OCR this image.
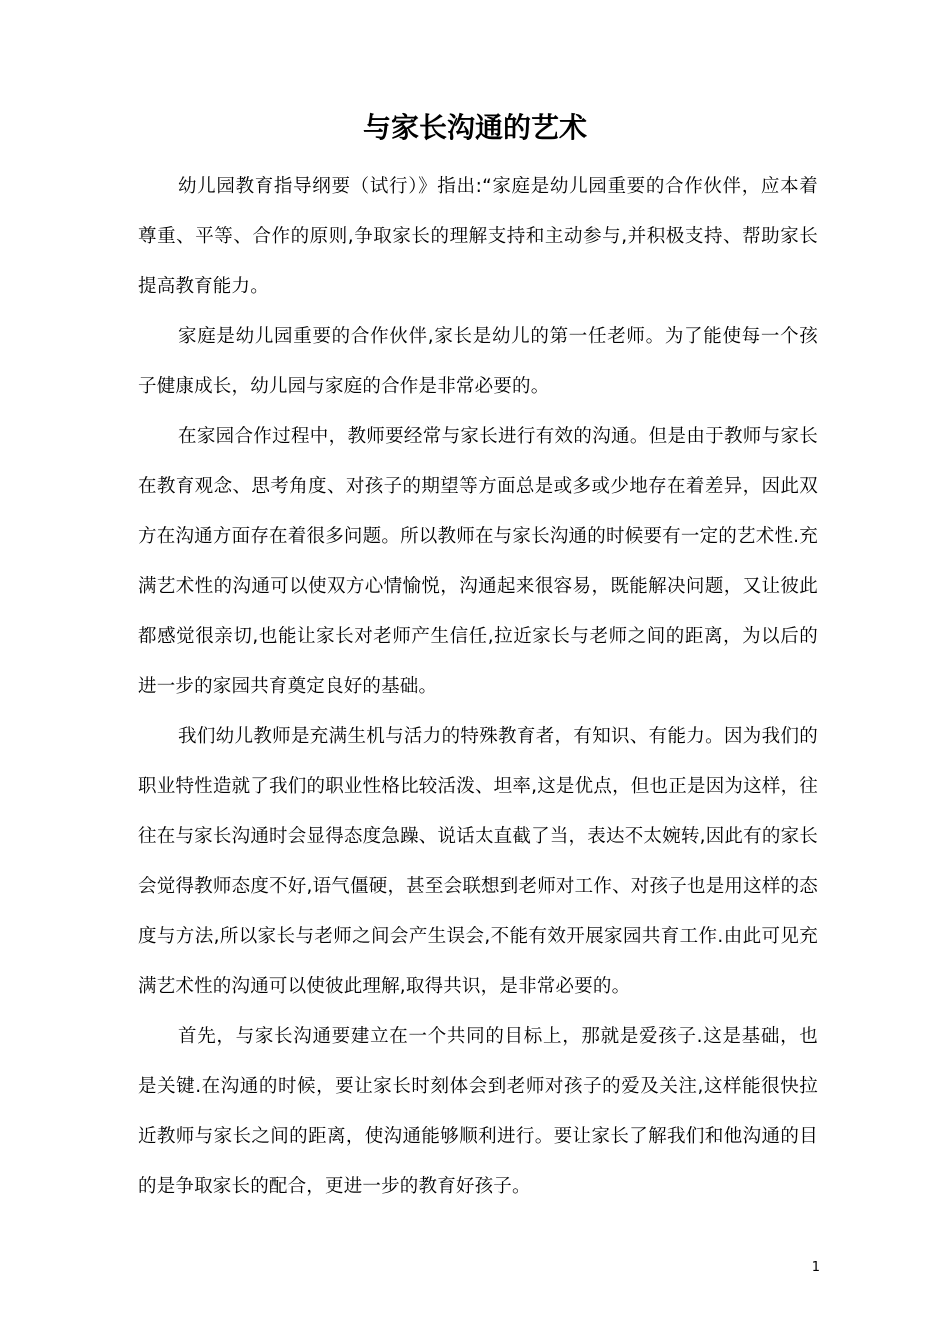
与家长沟通的艺术

幼儿园教育指导纲要（试行）》指出:“家庭是幼儿园重要的合作伙伴，应本着尊重、平等、合作的原则,争取家长的理解支持和主动参与,并积极支持、帮助家长提高教育能力。

家庭是幼儿园重要的合作伙伴,家长是幼儿的第一任老师。为了能使每一个孩子健康成长，幼儿园与家庭的合作是非常必要的。

在家园合作过程中，教师要经常与家长进行有效的沟通。但是由于教师与家长在教育观念、思考角度、对孩子的期望等方面总是或多或少地存在着差异，因此双方在沟通方面存在着很多问题。所以教师在与家长沟通的时候要有一定的艺术性.充满艺术性的沟通可以使双方心情愉悦，沟通起来很容易，既能解决问题，又让彼此都感觉很亲切,也能让家长对老师产生信任,拉近家长与老师之间的距离，为以后的进一步的家园共育奠定良好的基础。

我们幼儿教师是充满生机与活力的特殊教育者，有知识、有能力。因为我们的职业特性造就了我们的职业性格比较活泼、坦率,这是优点，但也正是因为这样，往往在与家长沟通时会显得态度急躁、说话太直截了当，表达不太婉转,因此有的家长会觉得教师态度不好,语气僵硬，甚至会联想到老师对工作、对孩子也是用这样的态度与方法,所以家长与老师之间会产生误会,不能有效开展家园共育工作.由此可见充满艺术性的沟通可以使彼此理解,取得共识，是非常必要的。

首先，与家长沟通要建立在一个共同的目标上，那就是爱孩子.这是基础，也是关键.在沟通的时候，要让家长时刻体会到老师对孩子的爱及关注,这样能很快拉近教师与家长之间的距离，使沟通能够顺利进行。要让家长了解我们和他沟通的目的是争取家长的配合，更进一步的教育好孩子。

1
